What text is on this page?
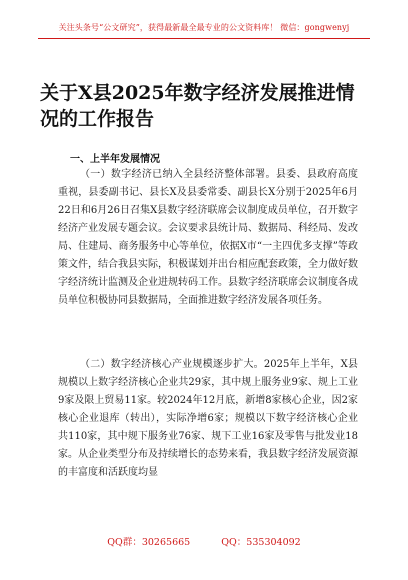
关注头条号“公文研究”，获得最新最全最专业的公文资料库！ 微信：gongwenyj
关于X县2025年数字经济发展推进情况的工作报告
一、上半年发展情况

（一）数字经济已纳入全县经济整体部署。县委、县政府高度重视，县委副书记、县长X及县委常委、副县长X分别于2025年6月22日和6月26日召集X县数字经济联席会议制度成员单位，召开数字经济产业发展专题会议。会议要求县统计局、数据局、科经局、发改局、住建局、商务服务中心等单位，依据X市“一主四优多支撑”等政策文件，结合我县实际，积极谋划并出台相应配套政策，全力做好数字经济统计监测及企业进规转码工作。县数字经济联席会议制度各成员单位积极协同县数据局，全面推进数字经济发展各项任务。

（二）数字经济核心产业规模逐步扩大。2025年上半年，X县规模以上数字经济核心企业共29家，其中规上服务业9家、规上工业9家及限上贸易11家。较2024年12月底，新增8家核心企业，因2家核心企业退库（转出），实际净增6家；规模以下数字经济核心企业共110家，其中规下服务业76家、规下工业16家及零售与批发业18家。从企业类型分布及持续增长的态势来看，我县数字经济发展资源的丰富度和活跃度均显

QQ群：30265665	QQ：535304092
